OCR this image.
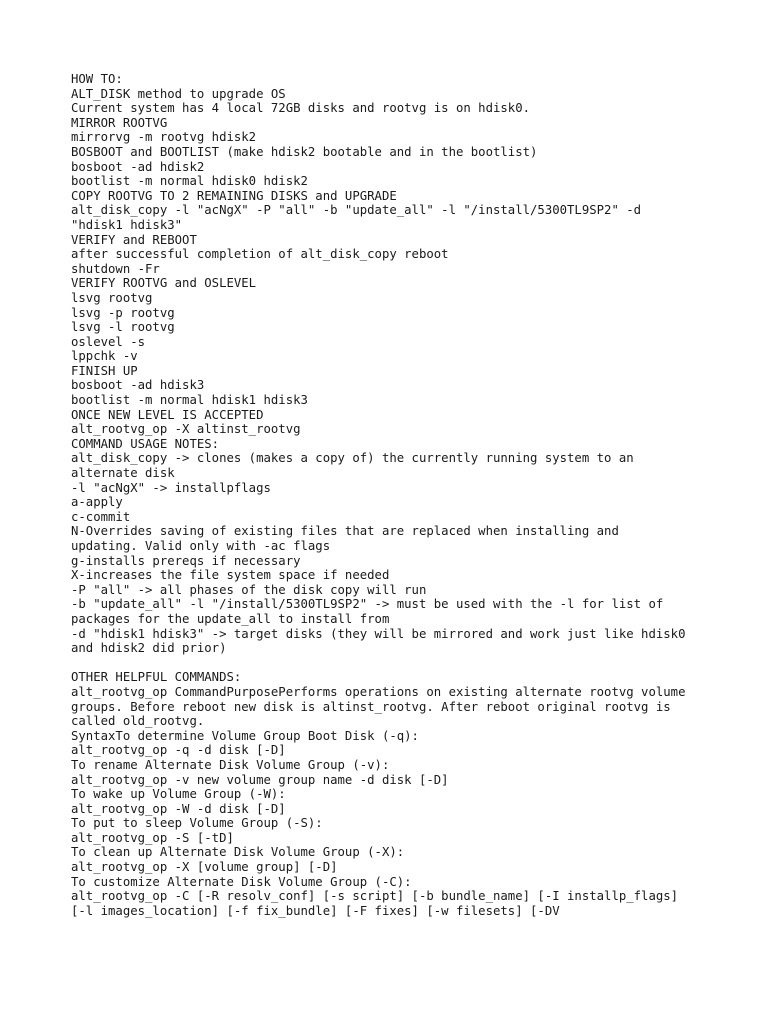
HOW TO:
ALT_DISK method to upgrade OS
Current system has 4 local 72GB disks and rootvg is on hdisk0.
MIRROR ROOTVG
mirrorvg -m rootvg hdisk2
BOSBOOT and BOOTLIST (make hdisk2 bootable and in the bootlist)
bosboot -ad hdisk2
bootlist -m normal hdisk0 hdisk2
COPY ROOTVG TO 2 REMAINING DISKS and UPGRADE
alt_disk_copy -l "acNgX" -P "all" -b "update_all" -l "/install/5300TL9SP2" -d
"hdisk1 hdisk3"
VERIFY and REBOOT
after successful completion of alt_disk_copy reboot
shutdown -Fr
VERIFY ROOTVG and OSLEVEL
lsvg rootvg
lsvg -p rootvg
lsvg -l rootvg
oslevel -s
lppchk -v
FINISH UP
bosboot -ad hdisk3
bootlist -m normal hdisk1 hdisk3
ONCE NEW LEVEL IS ACCEPTED
alt_rootvg_op -X altinst_rootvg
COMMAND USAGE NOTES:
alt_disk_copy -> clones (makes a copy of) the currently running system to an
alternate disk
-l "acNgX" -> installpflags
a-apply
c-commit
N-Overrides saving of existing files that are replaced when installing and
updating. Valid only with -ac flags
g-installs prereqs if necessary
X-increases the file system space if needed
-P "all" -> all phases of the disk copy will run
-b "update_all" -l "/install/5300TL9SP2" -> must be used with the -l for list of
packages for the update_all to install from
-d "hdisk1 hdisk3" -> target disks (they will be mirrored and work just like hdisk0
and hdisk2 did prior)
OTHER HELPFUL COMMANDS:
alt_rootvg_op CommandPurposePerforms operations on existing alternate rootvg volume
groups. Before reboot new disk is altinst_rootvg. After reboot original rootvg is
called old_rootvg.
SyntaxTo determine Volume Group Boot Disk (-q):
alt_rootvg_op -q -d disk [-D]
To rename Alternate Disk Volume Group (-v):
alt_rootvg_op -v new volume group name -d disk [-D]
To wake up Volume Group (-W):
alt_rootvg_op -W -d disk [-D]
To put to sleep Volume Group (-S):
alt_rootvg_op -S [-tD]
To clean up Alternate Disk Volume Group (-X):
alt_rootvg_op -X [volume group] [-D]
To customize Alternate Disk Volume Group (-C):
alt_rootvg_op -C [-R resolv_conf] [-s script] [-b bundle_name] [-I installp_flags]
[-l images_location] [-f fix_bundle] [-F fixes] [-w filesets] [-DV
